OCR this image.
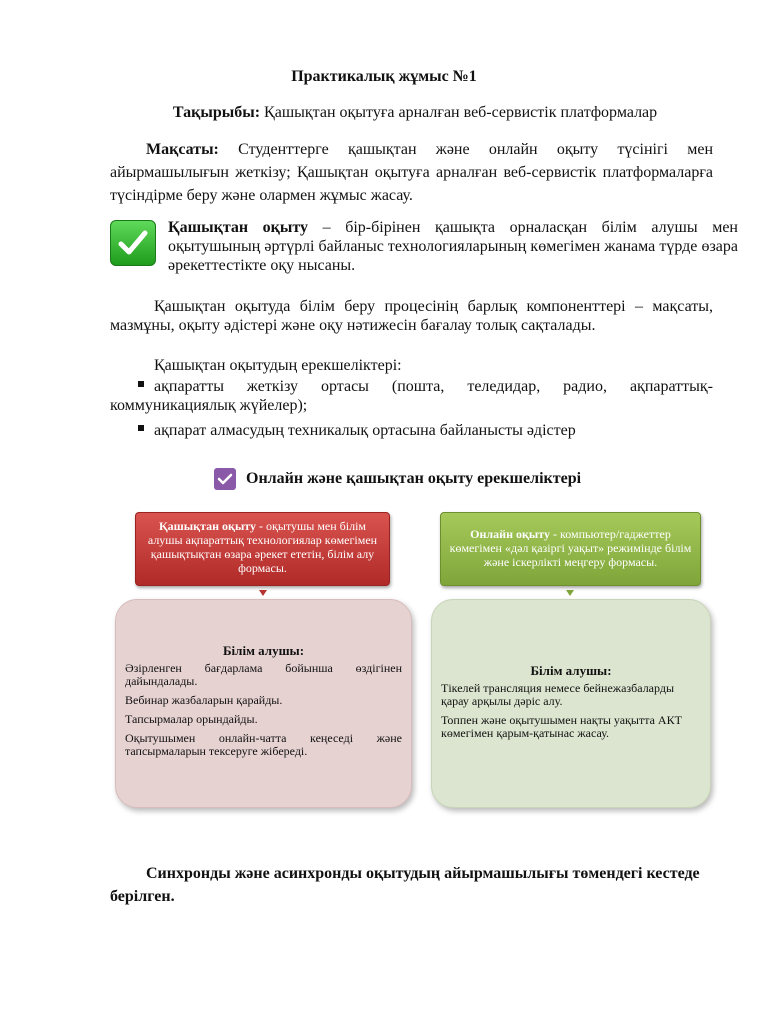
Практикалық жұмыс №1
Тақырыбы: Қашықтан оқытуға арналған веб-сервистік платформалар
Мақсаты: Студенттерге қашықтан және онлайн оқыту түсінігі мен айырмашылығын жеткізу; Қашықтан оқытуға арналған веб-сервистік платформаларға түсіндірме беру және олармен жұмыс жасау.
Қашықтан оқыту – бір-бірінен қашықта орналасқан білім алушы мен оқытушының әртүрлі байланыс технологияларының көмегімен жанама түрде өзара әрекеттестікте оқу нысаны.
Қашықтан оқытуда білім беру процесінің барлық компоненттері – мақсаты, мазмұны, оқыту әдістері және оқу нәтижесін бағалау толық сақталады.
Қашықтан оқытудың ерекшеліктері:
ақпаратты жеткізу ортасы (пошта, теледидар, радио, ақпараттық-коммуникациялық жүйелер);
ақпарат алмасудың техникалық ортасына байланысты әдістер
Онлайн және қашықтан оқыту ерекшеліктері
Қашықтан оқыту - оқытушы мен білім алушы ақпараттық технологиялар көмегімен қашықтықтан өзара әрекет ететін, білім алу формасы.
Онлайн оқыту - компьютер/гаджеттер көмегімен «дәл қазіргі уақыт» режимінде білім және іскерлікті меңгеру формасы.
Білім алушы:
Әзірленген бағдарлама бойынша өздігінен дайындалады.
Вебинар жазбаларын қарайды.
Тапсырмалар орындайды.
Оқытушымен онлайн-чатта кеңеседі және тапсырмаларын тексеруге жібереді.
Білім алушы:
Тікелей трансляция немесе бейнежазбаларды қарау арқылы дәріс алу.
Топпен және оқытушымен нақты уақытта АКТ көмегімен қарым-қатынас жасау.
Синхронды және асинхронды оқытудың айырмашылығы төмендегі кестеде берілген.
